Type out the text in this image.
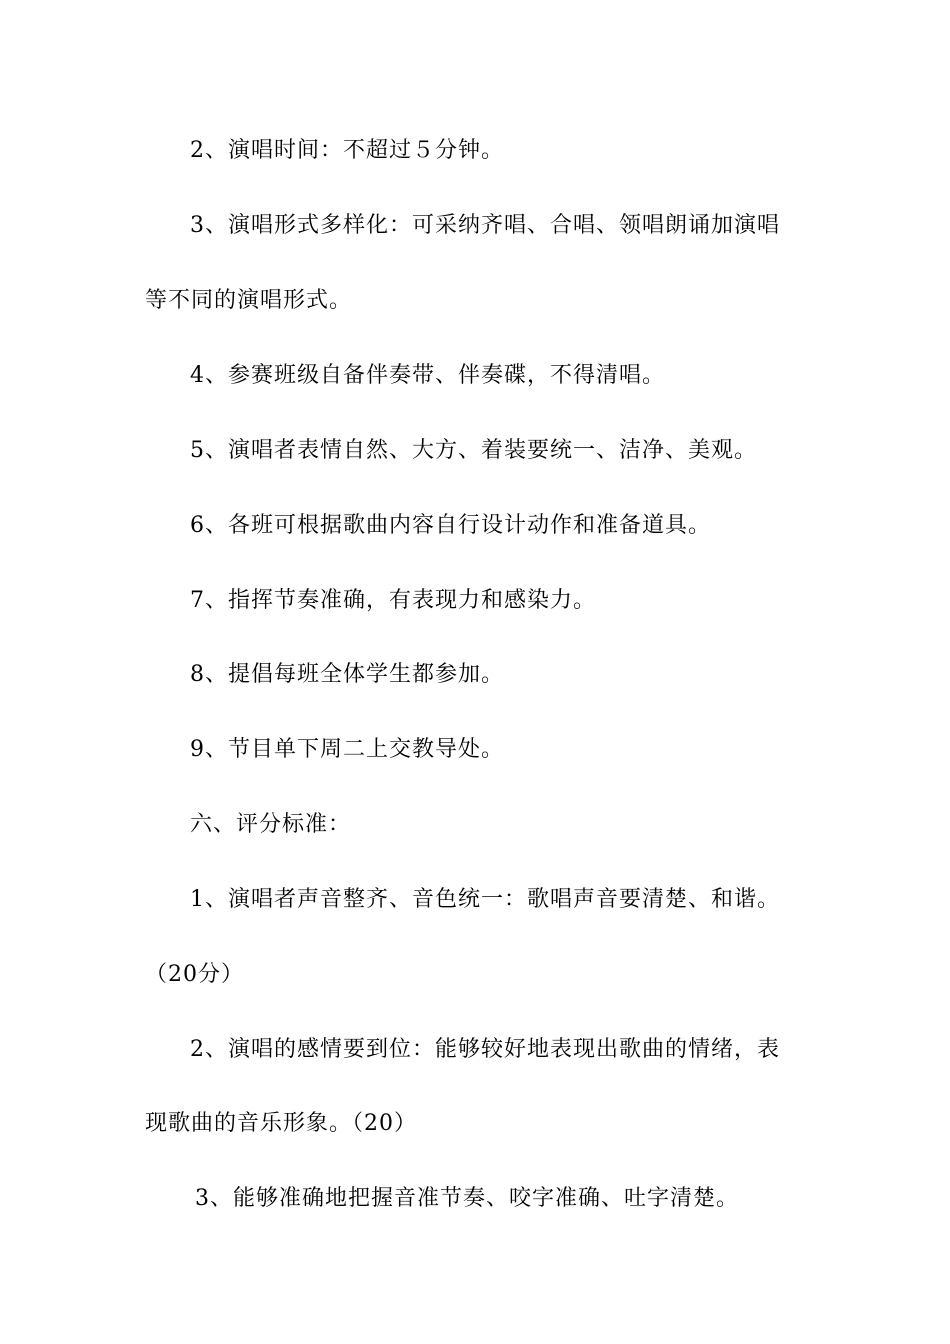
2、演唱时间：不超过５分钟。
3、演唱形式多样化：可采纳齐唱、合唱、领唱朗诵加演唱
等不同的演唱形式。
4、参赛班级自备伴奏带、伴奏碟，不得清唱。
5、演唱者表情自然、大方、着装要统一、洁净、美观。
6、各班可根据歌曲内容自行设计动作和准备道具。
7、指挥节奏准确，有表现力和感染力。
8、提倡每班全体学生都参加。
9、节目单下周二上交教导处。
六、评分标准：
1、演唱者声音整齐、音色统一：歌唱声音要清楚、和谐。
（20分）
2、演唱的感情要到位：能够较好地表现出歌曲的情绪，表
现歌曲的音乐形象。（20）
3、能够准确地把握音准节奏、咬字准确、吐字清楚。
